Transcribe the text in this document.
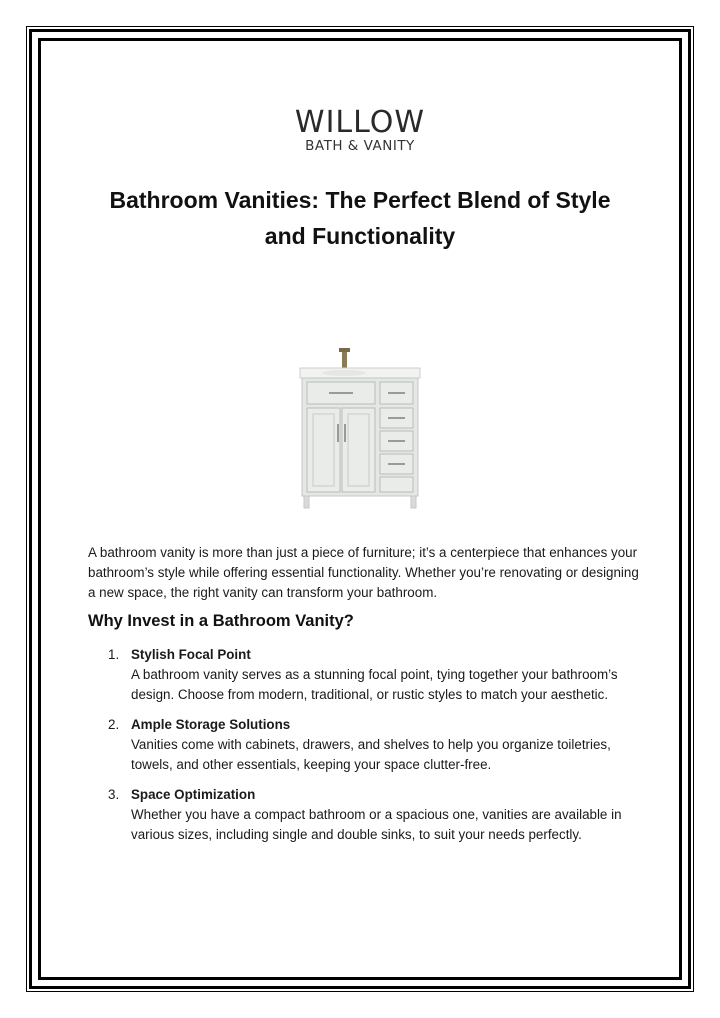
WILLOW
BATH & VANITY
Bathroom Vanities: The Perfect Blend of Style and Functionality

A bathroom vanity is more than just a piece of furniture; it’s a centerpiece that enhances your bathroom’s style while offering essential functionality. Whether you’re renovating or designing a new space, the right vanity can transform your bathroom.

Why Invest in a Bathroom Vanity?
1. Stylish Focal Point
A bathroom vanity serves as a stunning focal point, tying together your bathroom’s design. Choose from modern, traditional, or rustic styles to match your aesthetic.
2. Ample Storage Solutions
Vanities come with cabinets, drawers, and shelves to help you organize toiletries, towels, and other essentials, keeping your space clutter-free.
3. Space Optimization
Whether you have a compact bathroom or a spacious one, vanities are available in various sizes, including single and double sinks, to suit your needs perfectly.
